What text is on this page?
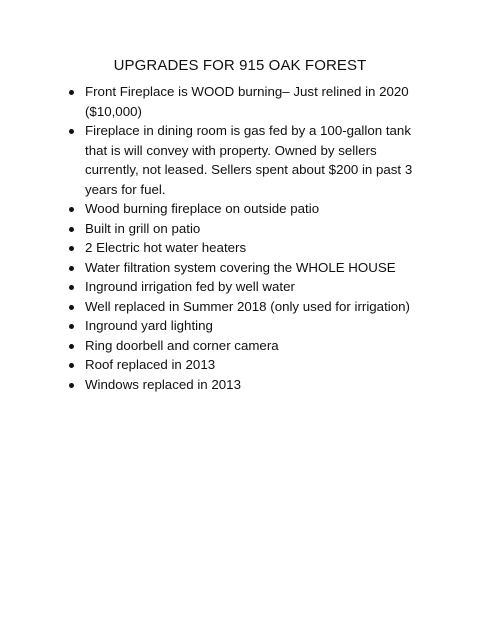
UPGRADES FOR 915 OAK FOREST
Front Fireplace is WOOD burning– Just relined in 2020 ($10,000)
Fireplace in dining room is gas fed by a 100-gallon tank that is will convey with property. Owned by sellers currently, not leased. Sellers spent about $200 in past 3 years for fuel.
Wood burning fireplace on outside patio
Built in grill on patio
2 Electric hot water heaters
Water filtration system covering the WHOLE HOUSE
Inground irrigation fed by well water
Well replaced in Summer 2018 (only used for irrigation)
Inground yard lighting
Ring doorbell and corner camera
Roof replaced in 2013
Windows replaced in 2013
